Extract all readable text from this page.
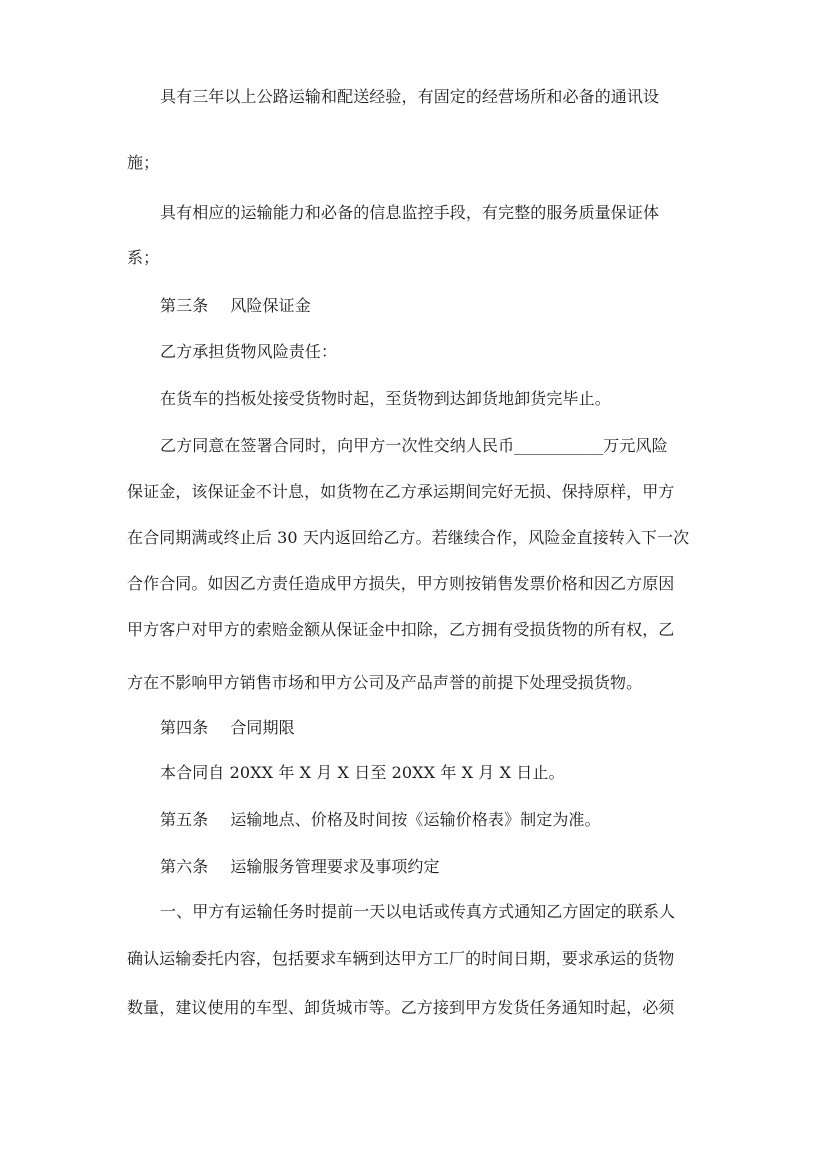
具有三年以上公路运输和配送经验，有固定的经营场所和必备的通讯设
施；
具有相应的运输能力和必备的信息监控手段，有完整的服务质量保证体
系；
第三条 风险保证金
乙方承担货物风险责任：
在货车的挡板处接受货物时起，至货物到达卸货地卸货完毕止。
乙方同意在签署合同时，向甲方一次性交纳人民币___________万元风险
保证金，该保证金不计息，如货物在乙方承运期间完好无损、保持原样，甲方
在合同期满或终止后 30 天内返回给乙方。若继续合作，风险金直接转入下一次
合作合同。如因乙方责任造成甲方损失，甲方则按销售发票价格和因乙方原因
甲方客户对甲方的索赔金额从保证金中扣除，乙方拥有受损货物的所有权，乙
方在不影响甲方销售市场和甲方公司及产品声誉的前提下处理受损货物。
第四条 合同期限
本合同自 20XX 年 X 月 X 日至 20XX 年 X 月 X 日止。
第五条 运输地点、价格及时间按《运输价格表》制定为准。
第六条 运输服务管理要求及事项约定
一、甲方有运输任务时提前一天以电话或传真方式通知乙方固定的联系人
确认运输委托内容，包括要求车辆到达甲方工厂的时间日期，要求承运的货物
数量，建议使用的车型、卸货城市等。乙方接到甲方发货任务通知时起，必须
